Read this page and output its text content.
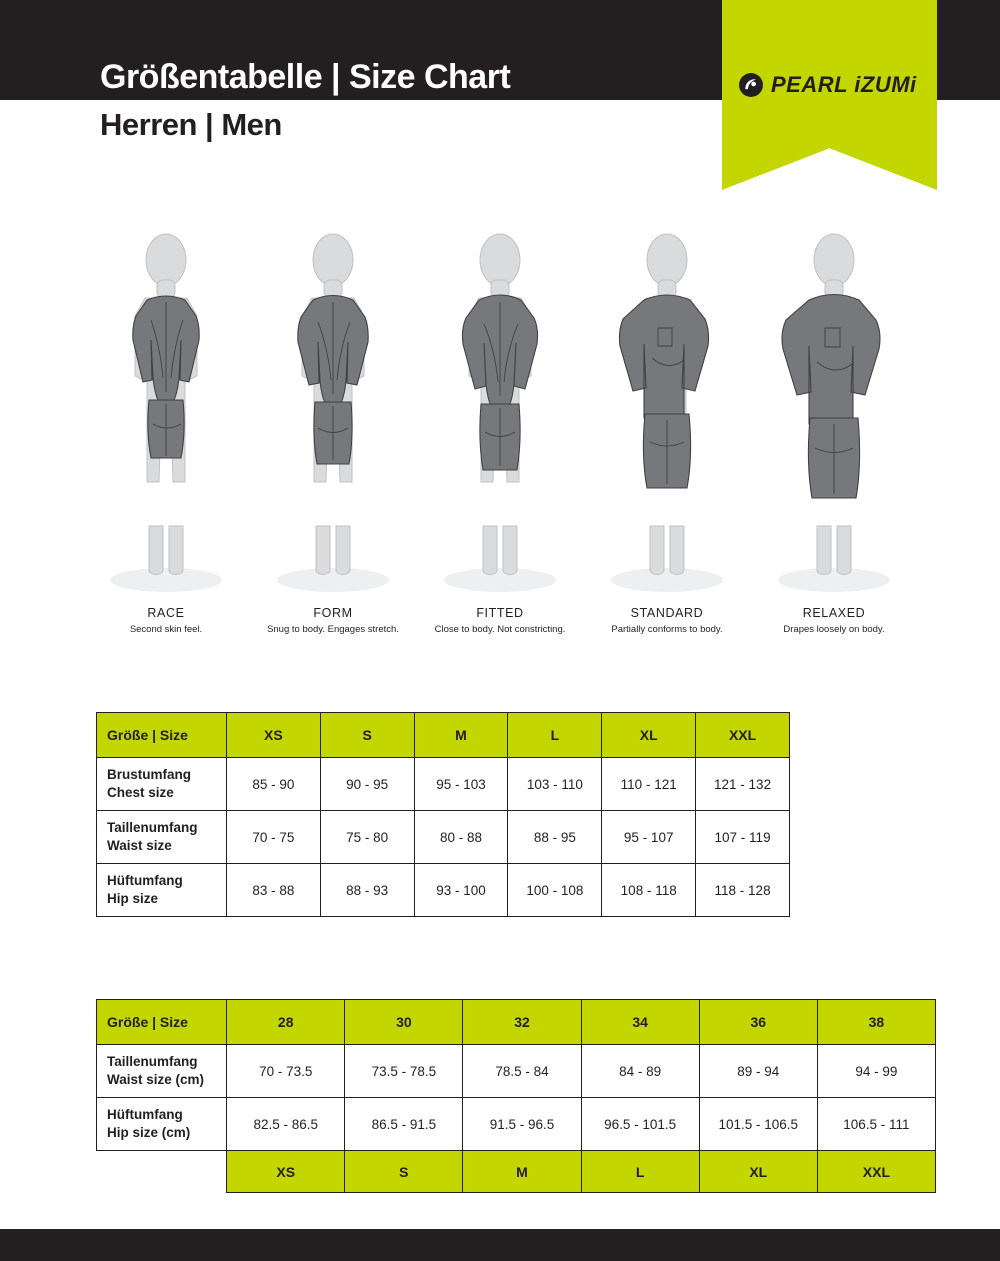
PEARL iZUMi
Größentabelle | Size Chart
Herren | Men
RACE
Second skin feel.
FORM
Snug to body. Engages stretch.
FITTED
Close to body. Not constricting.
STANDARD
Partially conforms to body.
RELAXED
Drapes loosely on body.
Größe | Size	XS	S	M	L	XL	XXL

Brustumfang
Chest size	85 - 90	90 - 95	95 - 103	103 - 110	110 - 121	121 - 132

Taillenumfang
Waist size	70 - 75	75 - 80	80 - 88	88 - 95	95 - 107	107 - 119

Hüftumfang
Hip size	83 - 88	88 - 93	93 - 100	100 - 108	108 - 118	118 - 128
Größe | Size	28	30	32	34	36	38

Taillenumfang
Waist size (cm)	70 - 73.5	73.5 - 78.5	78.5 - 84	84 - 89	89 - 94	94 - 99

Hüftumfang
Hip size (cm)	82.5 - 86.5	86.5 - 91.5	91.5 - 96.5	96.5 - 101.5	101.5 - 106.5	106.5 - 111
	XS	S	M	L	XL	XXL
